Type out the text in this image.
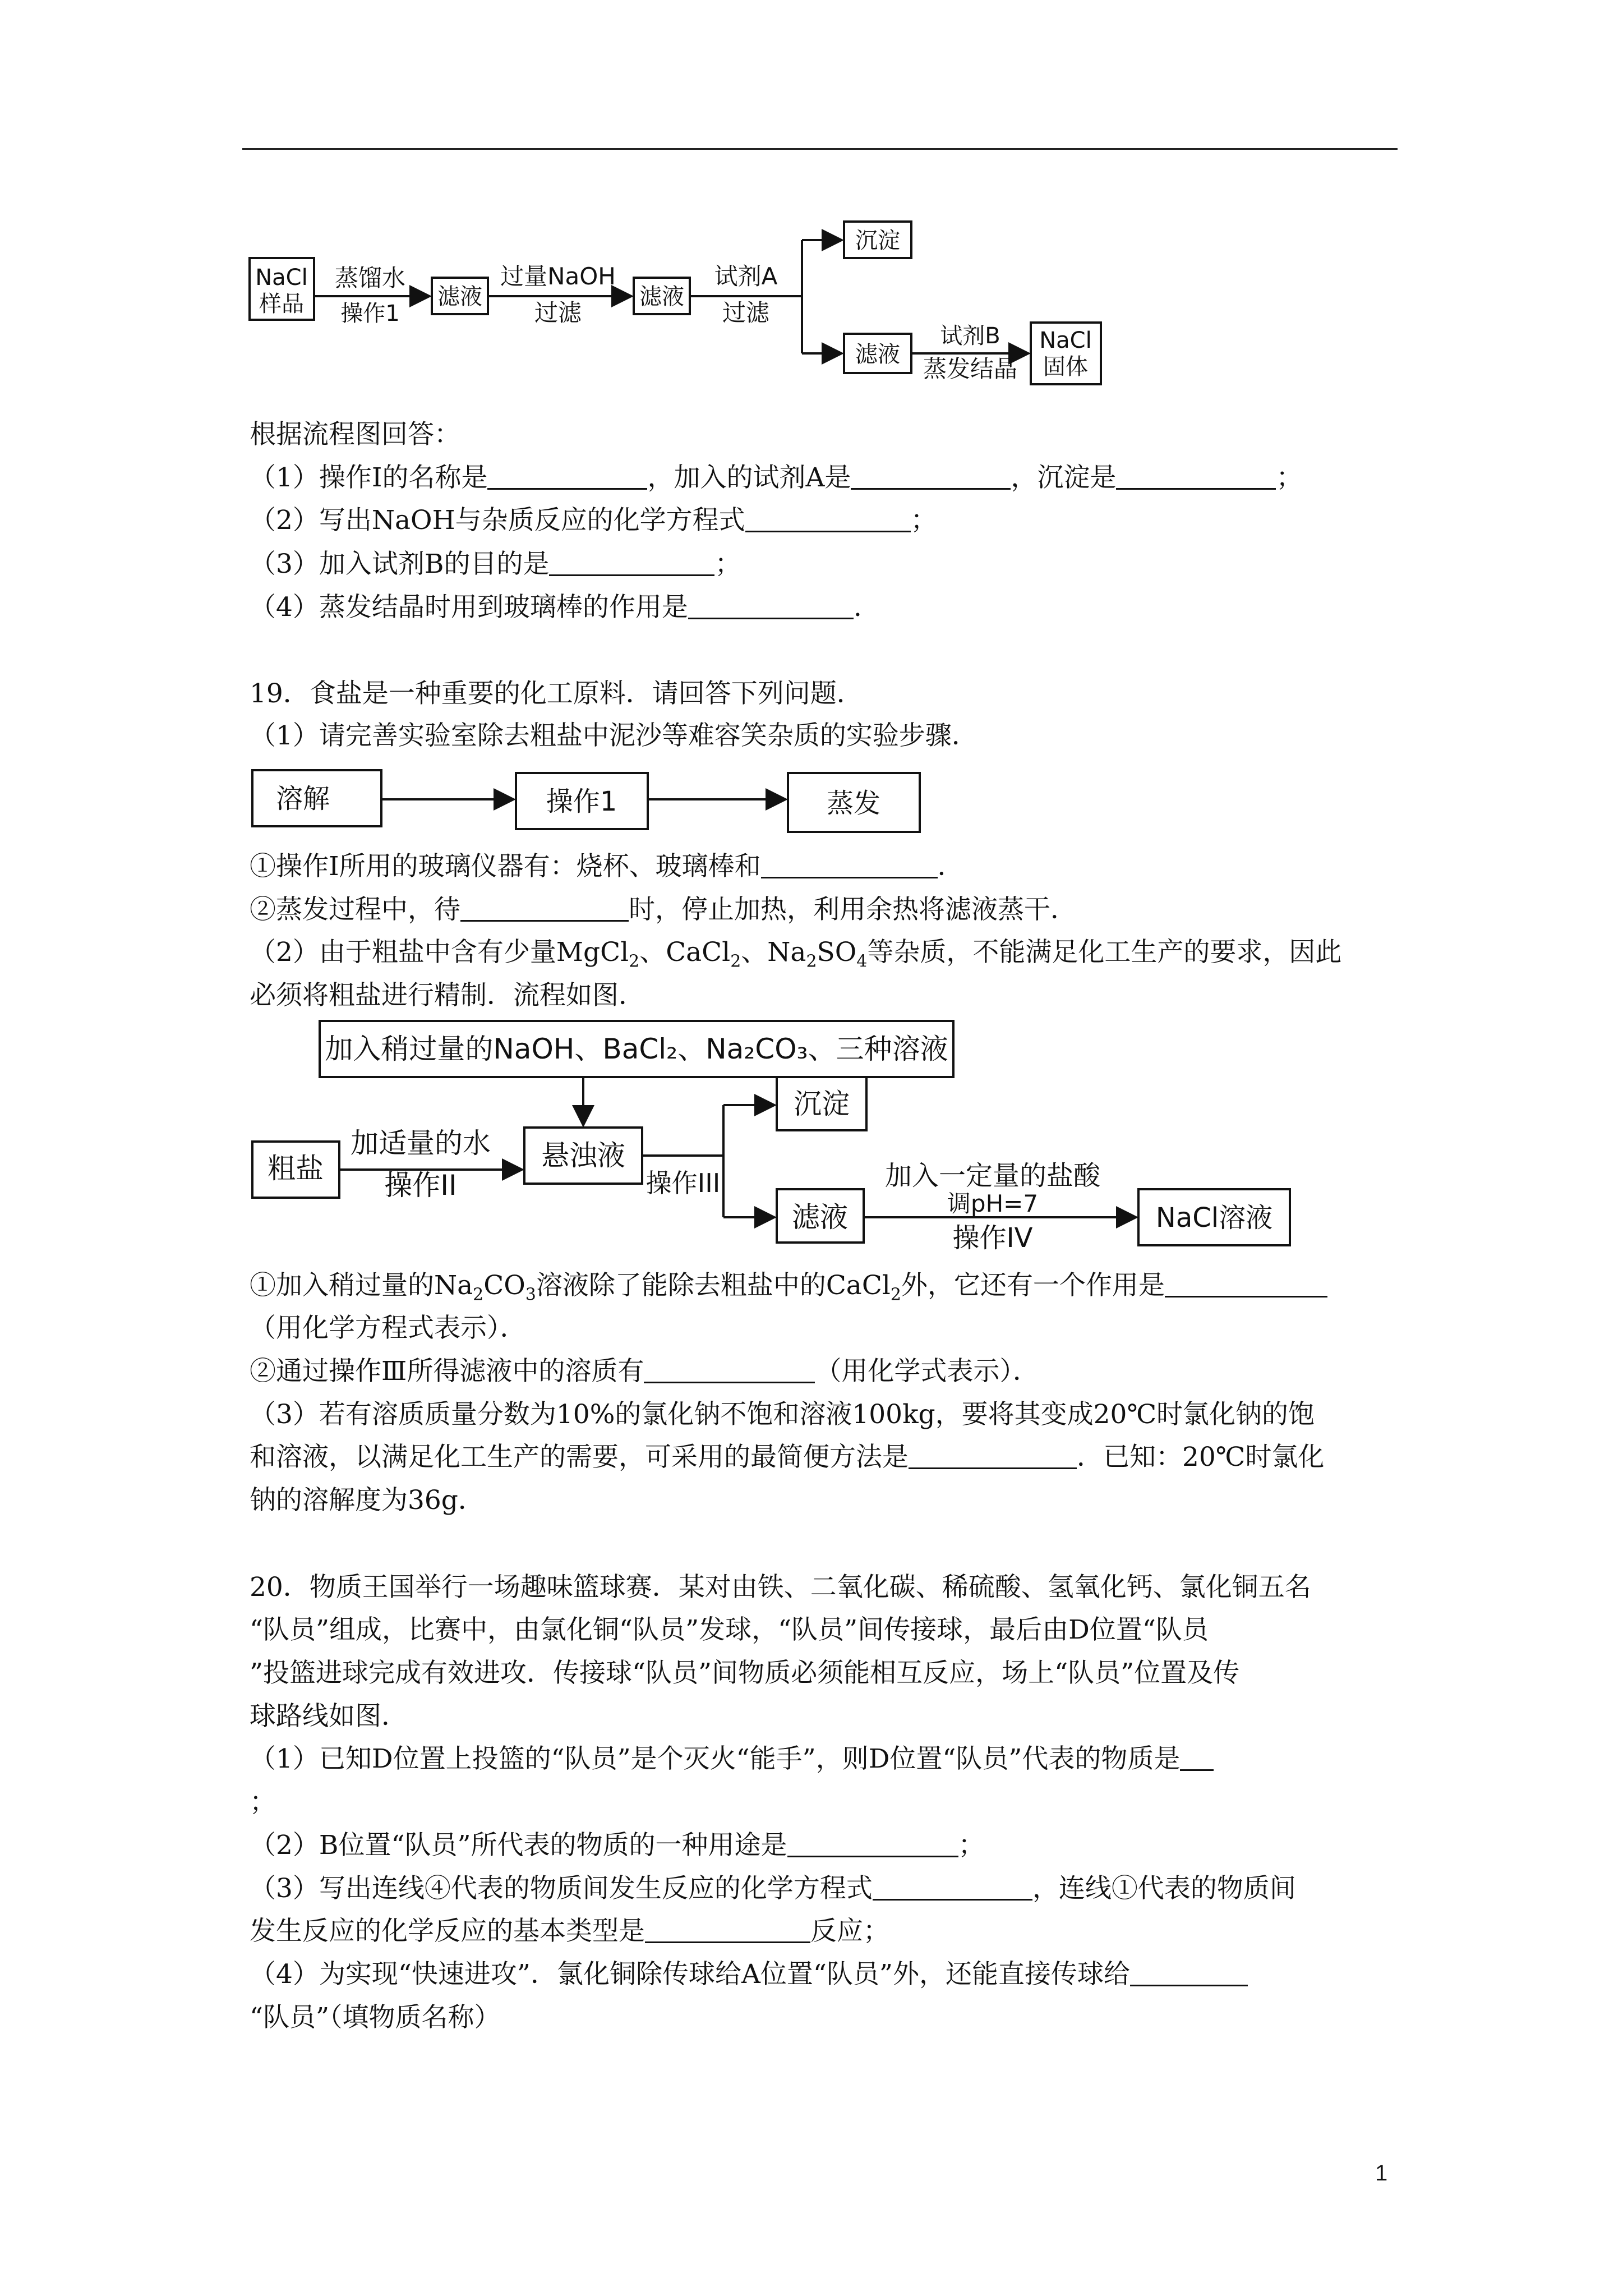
NaCl
样品
蒸馏水
操作1
滤液
过量NaOH
过滤
滤液
试剂A
过滤
沉淀
滤液
试剂B
蒸发结晶
NaCl
固体
根据流程图回答：
（1）操作Ⅰ的名称是	，加入的试剂A是	，沉淀是	；
（2）写出NaOH与杂质反应的化学方程式	；
（3）加入试剂B的目的是	；
（4）蒸发结晶时用到玻璃棒的作用是	.
19．食盐是一种重要的化工原料．请回答下列问题．
（1）请完善实验室除去粗盐中泥沙等难容笑杂质的实验步骤．
溶解	操作1	蒸发
①操作Ⅰ所用的玻璃仪器有：烧杯、玻璃棒和	．
②蒸发过程中，待	时，停止加热，利用余热将滤液蒸干．
（2）由于粗盐中含有少量MgCl$_2$、CaCl$_2$、$Na_2SO_4$等杂质，不能满足化工生产的要求，因此
必须将粗盐进行精制．流程如图．
加入稍过量的NaOH、BaCl₂、Na₂CO₃、三种溶液
粗盐
加适量的水
操作II
悬浊液
操作III
沉淀
滤液
加入一定量的盐酸
调pH=7
操作IV
NaCl溶液
①加入稍过量的$Na_2CO_3$溶液除了能除去粗盐中的CaCl$_2$外，它还有一个作用是
（用化学方程式表示）．
②通过操作Ⅲ所得滤液中的溶质有	（用化学式表示）．
（3）若有溶质质量分数为10%的氯化钠不饱和溶液100kg，要将其变成20℃时氯化钠的饱
和溶液，以满足化工生产的需要，可采用的最简便方法是	．已知：20℃时氯化
钠的溶解度为36g．
20．物质王国举行一场趣味篮球赛．某对由铁、二氧化碳、稀硫酸、氢氧化钙、氯化铜五名
“队员”组成，比赛中，由氯化铜“队员”发球，“队员”间传接球，最后由D位置“队员
”投篮进球完成有效进攻．传接球“队员”间物质必须能相互反应，场上“队员”位置及传
球路线如图．
（1）已知D位置上投篮的“队员”是个灭火“能手”，则D位置“队员”代表的物质是
；
（2）B位置“队员”所代表的物质的一种用途是	；
（3）写出连线④代表的物质间发生反应的化学方程式	，连线①代表的物质间
发生反应的化学反应的基本类型是	反应；
（4）为实现“快速进攻”．氯化铜除传球给A位置“队员”外，还能直接传球给
“队员”（填物质名称）
1
